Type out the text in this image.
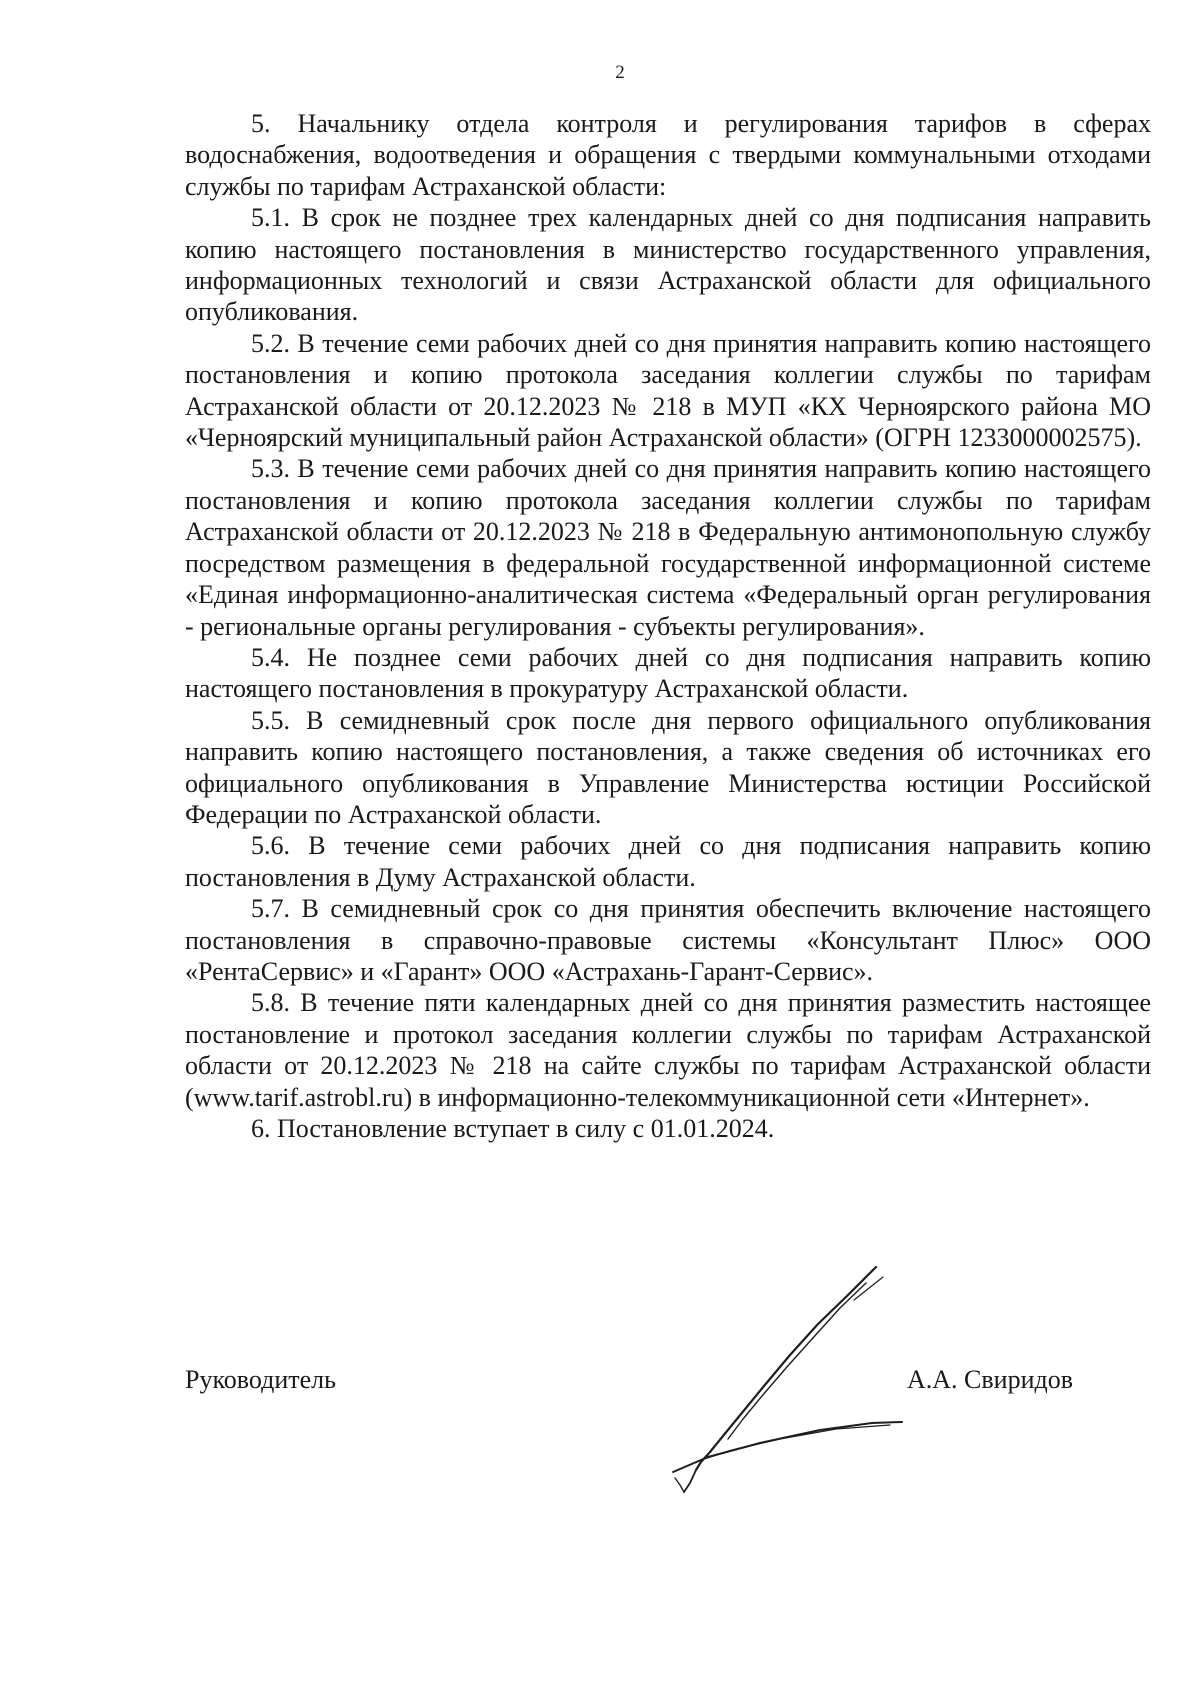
2

5. Начальнику отдела контроля и регулирования тарифов в сферах водоснабжения, водоотведения и обращения с твердыми коммунальными отходами службы по тарифам Астраханской области:

5.1. В срок не позднее трех календарных дней со дня подписания направить копию настоящего постановления в министерство государственного управления, информационных технологий и связи Астраханской области для официального опубликования.

5.2. В течение семи рабочих дней со дня принятия направить копию настоящего постановления и копию протокола заседания коллегии службы по тарифам Астраханской области от 20.12.2023 № 218 в МУП «КХ Черноярского района МО «Черноярский муниципальный район Астраханской области» (ОГРН 1233000002575).

5.3. В течение семи рабочих дней со дня принятия направить копию настоящего постановления и копию протокола заседания коллегии службы по тарифам Астраханской области от 20.12.2023 № 218 в Федеральную антимонопольную службу посредством размещения в федеральной государственной информационной системе «Единая информационно-аналитическая система «Федеральный орган регулирования - региональные органы регулирования - субъекты регулирования».

5.4. Не позднее семи рабочих дней со дня подписания направить копию настоящего постановления в прокуратуру Астраханской области.

5.5. В семидневный срок после дня первого официального опубликования направить копию настоящего постановления, а также сведения об источниках его официального опубликования в Управление Министерства юстиции Российской Федерации по Астраханской области.

5.6. В течение семи рабочих дней со дня подписания направить копию постановления в Думу Астраханской области.

5.7. В семидневный срок со дня принятия обеспечить включение настоящего постановления в справочно-правовые системы «Консультант Плюс» ООО «РентаСервис» и «Гарант» ООО «Астрахань-Гарант-Сервис».

5.8. В течение пяти календарных дней со дня принятия разместить настоящее постановление и протокол заседания коллегии службы по тарифам Астраханской области от 20.12.2023 № 218 на сайте службы по тарифам Астраханской области (www.tarif.astrobl.ru) в информационно-телекоммуникационной сети «Интернет».

6. Постановление вступает в силу с 01.01.2024.

Руководитель	А.А. Свиридов
